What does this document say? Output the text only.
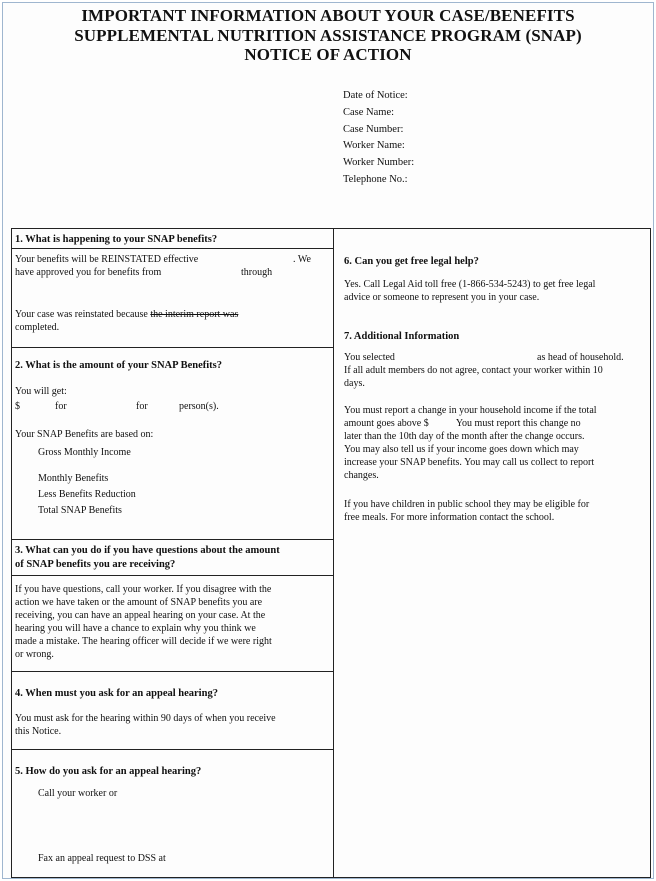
IMPORTANT INFORMATION ABOUT YOUR CASE/BENEFITS
SUPPLEMENTAL NUTRITION ASSISTANCE PROGRAM (SNAP)
NOTICE OF ACTION
Date of Notice:
Case Name:
Case Number:
Worker Name:
Worker Number:
Telephone No.:
1. What is happening to your SNAP benefits?
Your benefits will be REINSTATED effective	. We
have approved you for benefits from	through
Your case was reinstated because the interim report was
completed.
2. What is the amount of your SNAP Benefits?
You will get:
$	for	for	person(s).
Your SNAP Benefits are based on:
Gross Monthly Income
Monthly Benefits
Less Benefits Reduction
Total SNAP Benefits
3. What can you do if you have questions about the amount
of SNAP benefits you are receiving?
If you have questions, call your worker. If you disagree with the
action we have taken or the amount of SNAP benefits you are
receiving, you can have an appeal hearing on your case. At the
hearing you will have a chance to explain why you think we
made a mistake. The hearing officer will decide if we were right
or wrong.
4. When must you ask for an appeal hearing?
You must ask for the hearing within 90 days of when you receive
this Notice.
5. How do you ask for an appeal hearing?
Call your worker or
Fax an appeal request to DSS at
6. Can you get free legal help?
Yes. Call Legal Aid toll free (1-866-534-5243) to get free legal
advice or someone to represent you in your case.
7. Additional Information
You selected	as head of household.
If all adult members do not agree, contact your worker within 10
days.
You must report a change in your household income if the total
amount goes above $           You must report this change no
later than the 10th day of the month after the change occurs.
You may also tell us if your income goes down which may
increase your SNAP benefits. You may call us collect to report
changes.
If you have children in public school they may be eligible for
free meals. For more information contact the school.
